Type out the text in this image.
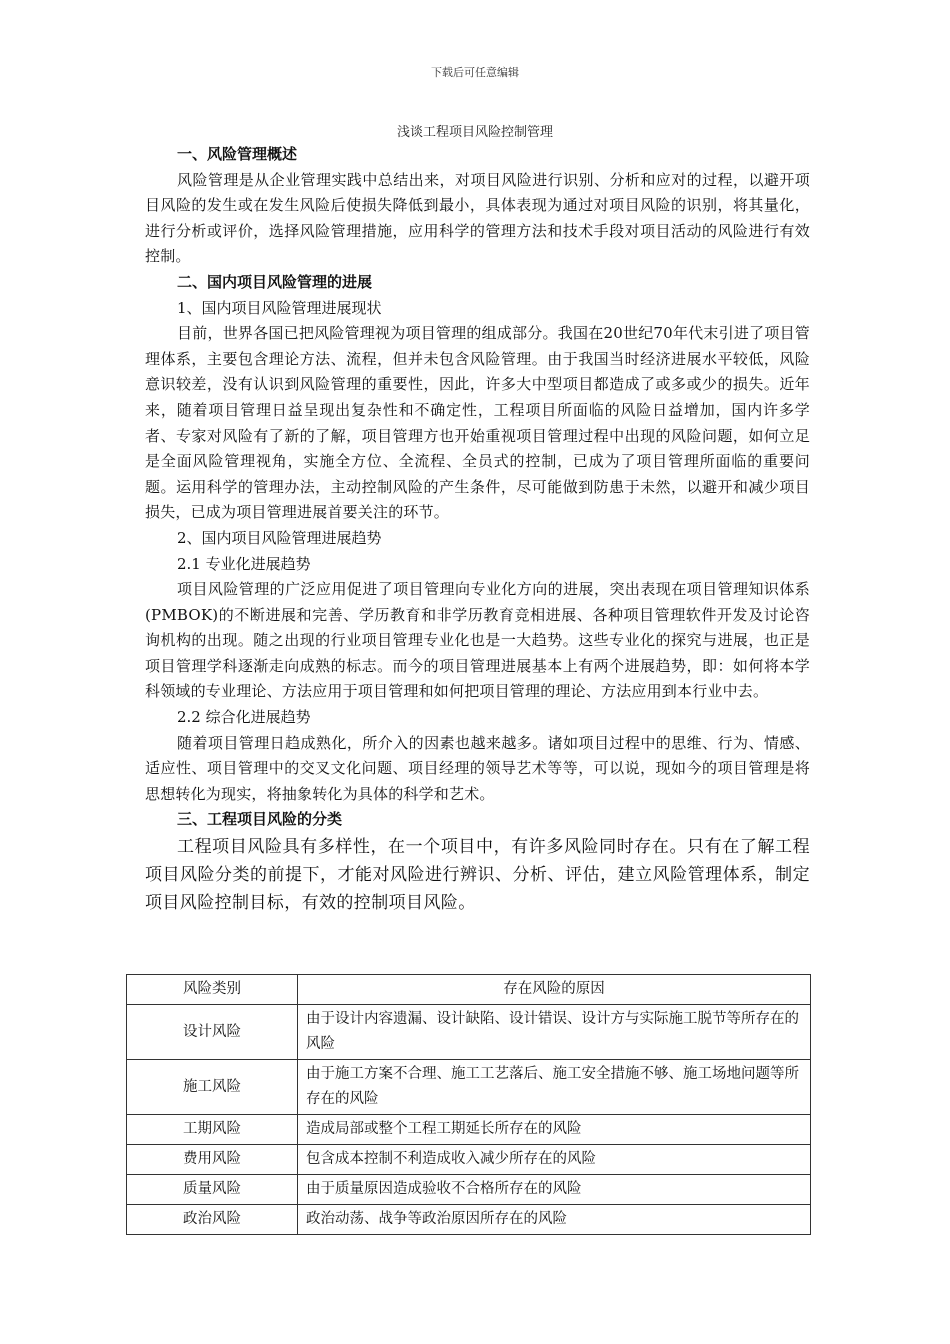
下载后可任意编辑
浅谈工程项目风险控制管理

一、风险管理概述

风险管理是从企业管理实践中总结出来，对项目风险进行识别、分析和应对的过程，以避开项目风险的发生或在发生风险后使损失降低到最小，具体表现为通过对项目风险的识别，将其量化，进行分析或评价，选择风险管理措施，应用科学的管理方法和技术手段对项目活动的风险进行有效控制。

二、国内项目风险管理的进展

1、国内项目风险管理进展现状

目前，世界各国已把风险管理视为项目管理的组成部分。我国在20世纪70年代末引进了项目管理体系，主要包含理论方法、流程，但并未包含风险管理。由于我国当时经济进展水平较低，风险意识较差，没有认识到风险管理的重要性，因此，许多大中型项目都造成了或多或少的损失。近年来，随着项目管理日益呈现出复杂性和不确定性，工程项目所面临的风险日益增加，国内许多学者、专家对风险有了新的了解，项目管理方也开始重视项目管理过程中出现的风险问题，如何立足是全面风险管理视角，实施全方位、全流程、全员式的控制，已成为了项目管理所面临的重要问题。运用科学的管理办法，主动控制风险的产生条件，尽可能做到防患于未然，以避开和减少项目损失，已成为项目管理进展首要关注的环节。

2、国内项目风险管理进展趋势

2.1 专业化进展趋势

项目风险管理的广泛应用促进了项目管理向专业化方向的进展，突出表现在项目管理知识体系(PMBOK)的不断进展和完善、学历教育和非学历教育竞相进展、各种项目管理软件开发及讨论咨询机构的出现。随之出现的行业项目管理专业化也是一大趋势。这些专业化的探究与进展，也正是项目管理学科逐渐走向成熟的标志。而今的项目管理进展基本上有两个进展趋势，即：如何将本学科领域的专业理论、方法应用于项目管理和如何把项目管理的理论、方法应用到本行业中去。

2.2 综合化进展趋势

随着项目管理日趋成熟化，所介入的因素也越来越多。诸如项目过程中的思维、行为、情感、适应性、项目管理中的交叉文化问题、项目经理的领导艺术等等，可以说，现如今的项目管理是将思想转化为现实，将抽象转化为具体的科学和艺术。

三、工程项目风险的分类

工程项目风险具有多样性，在一个项目中，有许多风险同时存在。只有在了解工程项目风险分类的前提下，才能对风险进行辨识、分析、评估，建立风险管理体系，制定项目风险控制目标，有效的控制项目风险。

风险类别	存在风险的原因
设计风险	由于设计内容遗漏、设计缺陷、设计错误、设计方与实际施工脱节等所存在的风险
施工风险	由于施工方案不合理、施工工艺落后、施工安全措施不够、施工场地问题等所存在的风险
工期风险	造成局部或整个工程工期延长所存在的风险
费用风险	包含成本控制不利造成收入减少所存在的风险
质量风险	由于质量原因造成验收不合格所存在的风险
政治风险	政治动荡、战争等政治原因所存在的风险
